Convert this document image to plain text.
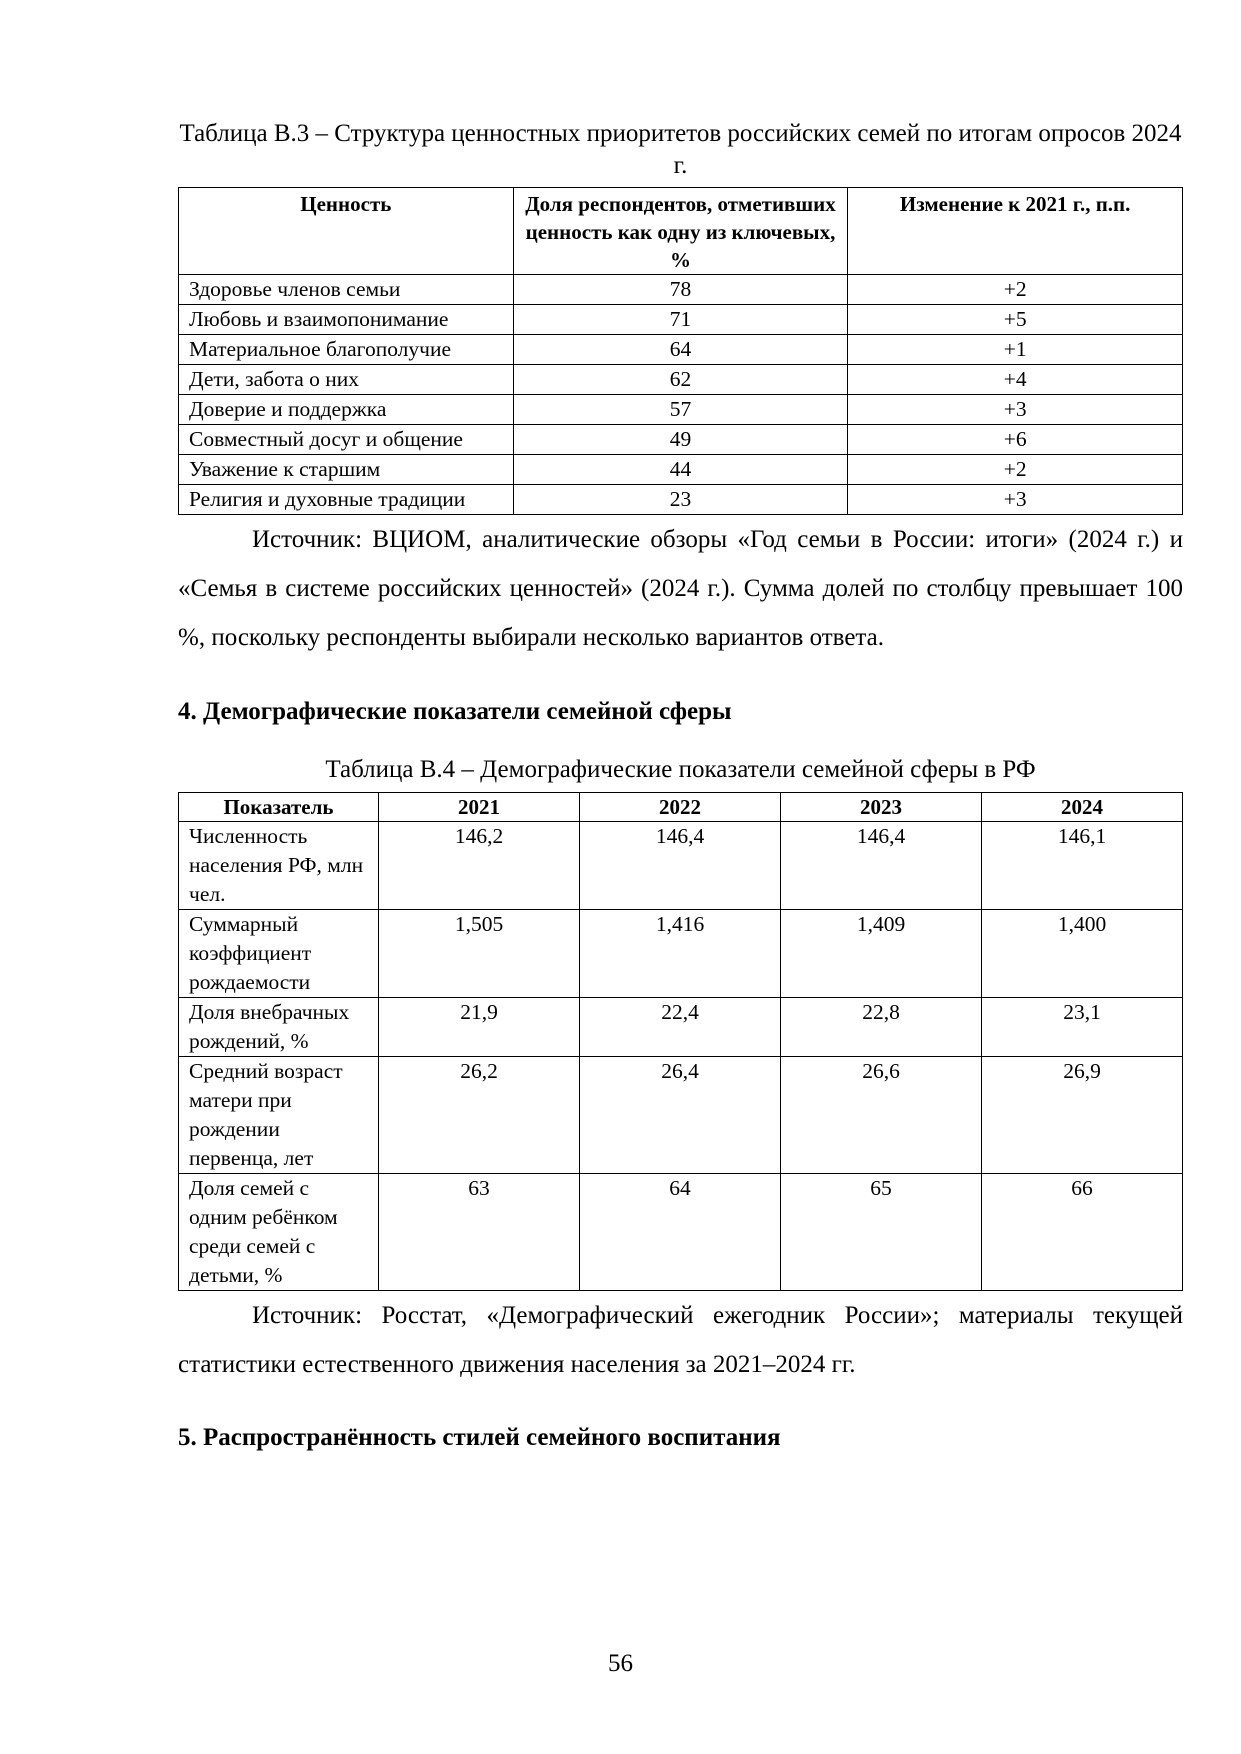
Таблица В.3 – Структура ценностных приоритетов российских семей по итогам опросов 2024 г.

Ценность	Доля респондентов, отметивших ценность как одну из ключевых, %	Изменение к 2021 г., п.п.
Здоровье членов семьи	78	+2
Любовь и взаимопонимание	71	+5
Материальное благополучие	64	+1
Дети, забота о них	62	+4
Доверие и поддержка	57	+3
Совместный досуг и общение	49	+6
Уважение к старшим	44	+2
Религия и духовные традиции	23	+3

Источник: ВЦИОМ, аналитические обзоры «Год семьи в России: итоги» (2024 г.) и «Семья в системе российских ценностей» (2024 г.). Сумма долей по столбцу превышает 100 %, поскольку респонденты выбирали несколько вариантов ответа.

4. Демографические показатели семейной сферы

Таблица В.4 – Демографические показатели семейной сферы в РФ

Показатель	2021	2022	2023	2024
Численность населения РФ, млн чел.	146,2	146,4	146,4	146,1
Суммарный коэффициент рождаемости	1,505	1,416	1,409	1,400
Доля внебрачных рождений, %	21,9	22,4	22,8	23,1
Средний возраст матери при рождении первенца, лет	26,2	26,4	26,6	26,9
Доля семей с одним ребёнком среди семей с детьми, %	63	64	65	66

Источник: Росстат, «Демографический ежегодник России»; материалы текущей статистики естественного движения населения за 2021–2024 гг.

5. Распространённость стилей семейного воспитания
56
